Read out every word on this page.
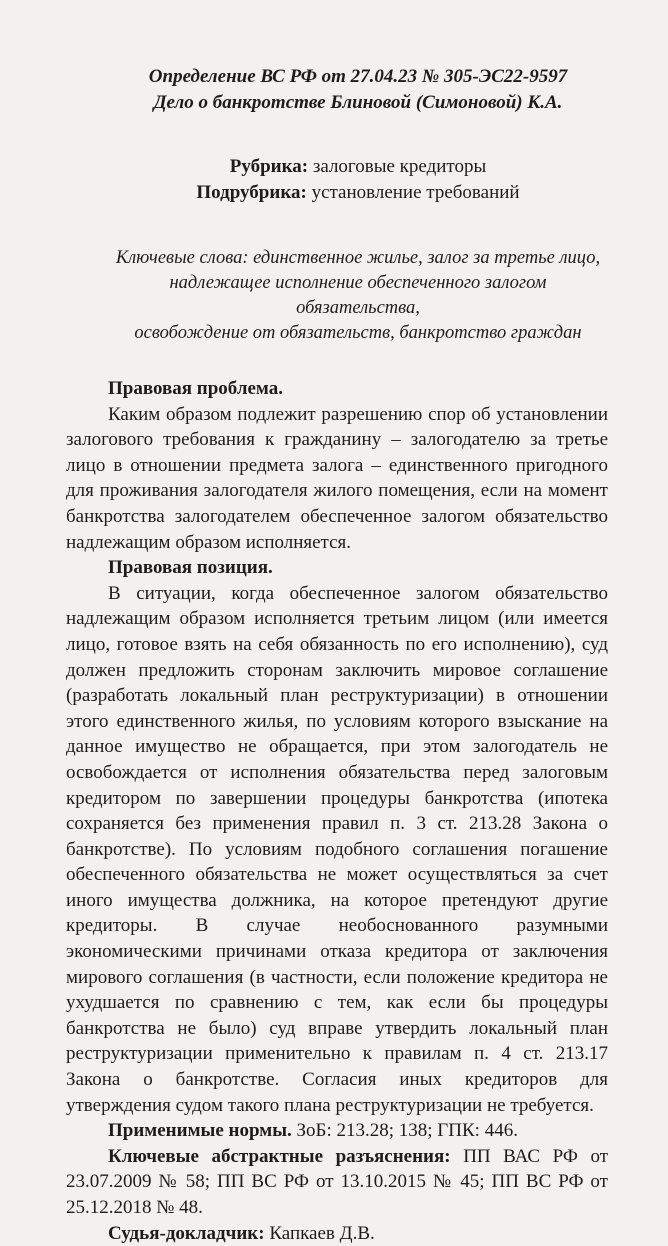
Определение ВС РФ от 27.04.23 № 305-ЭС22-9597
Дело о банкротстве Блиновой (Симоновой) К.А.
Рубрика: залоговые кредиторы
Подрубрика: установление требований
Ключевые слова: единственное жилье, залог за третье лицо,
надлежащее исполнение обеспеченного залогом обязательства,
освобождение от обязательств, банкротство граждан
Правовая проблема.

Каким образом подлежит разрешению спор об установлении залогового требования к гражданину – залогодателю за третье лицо в отношении предмета залога – единственного пригодного для проживания залогодателя жилого помещения, если на момент банкротства залогодателем обеспеченное залогом обязательство надлежащим образом исполняется.

Правовая позиция.

В ситуации, когда обеспеченное залогом обязательство надлежащим образом исполняется третьим лицом (или имеется лицо, готовое взять на себя обязанность по его исполнению), суд должен предложить сторонам заключить мировое соглашение (разработать локальный план реструктуризации) в отношении этого единственного жилья, по условиям которого взыскание на данное имущество не обращается, при этом залогодатель не освобождается от исполнения обязательства перед залоговым кредитором по завершении процедуры банкротства (ипотека сохраняется без применения правил п. 3 ст. 213.28 Закона о банкротстве). По условиям подобного соглашения погашение обеспеченного обязательства не может осуществляться за счет иного имущества должника, на которое претендуют другие кредиторы. В случае необоснованного разумными экономическими причинами отказа кредитора от заключения мирового соглашения (в частности, если положение кредитора не ухудшается по сравнению с тем, как если бы процедуры банкротства не было) суд вправе утвердить локальный план реструктуризации применительно к правилам п. 4 ст. 213.17 Закона о банкротстве. Согласия иных кредиторов для утверждения судом такого плана реструктуризации не требуется.

Применимые нормы. ЗоБ: 213.28; 138; ГПК: 446.

Ключевые абстрактные разъяснения: ПП ВАС РФ от 23.07.2009 № 58; ПП ВС РФ от 13.10.2015 № 45; ПП ВС РФ от 25.12.2018 № 48.

Судья-докладчик: Капкаев Д.В.
